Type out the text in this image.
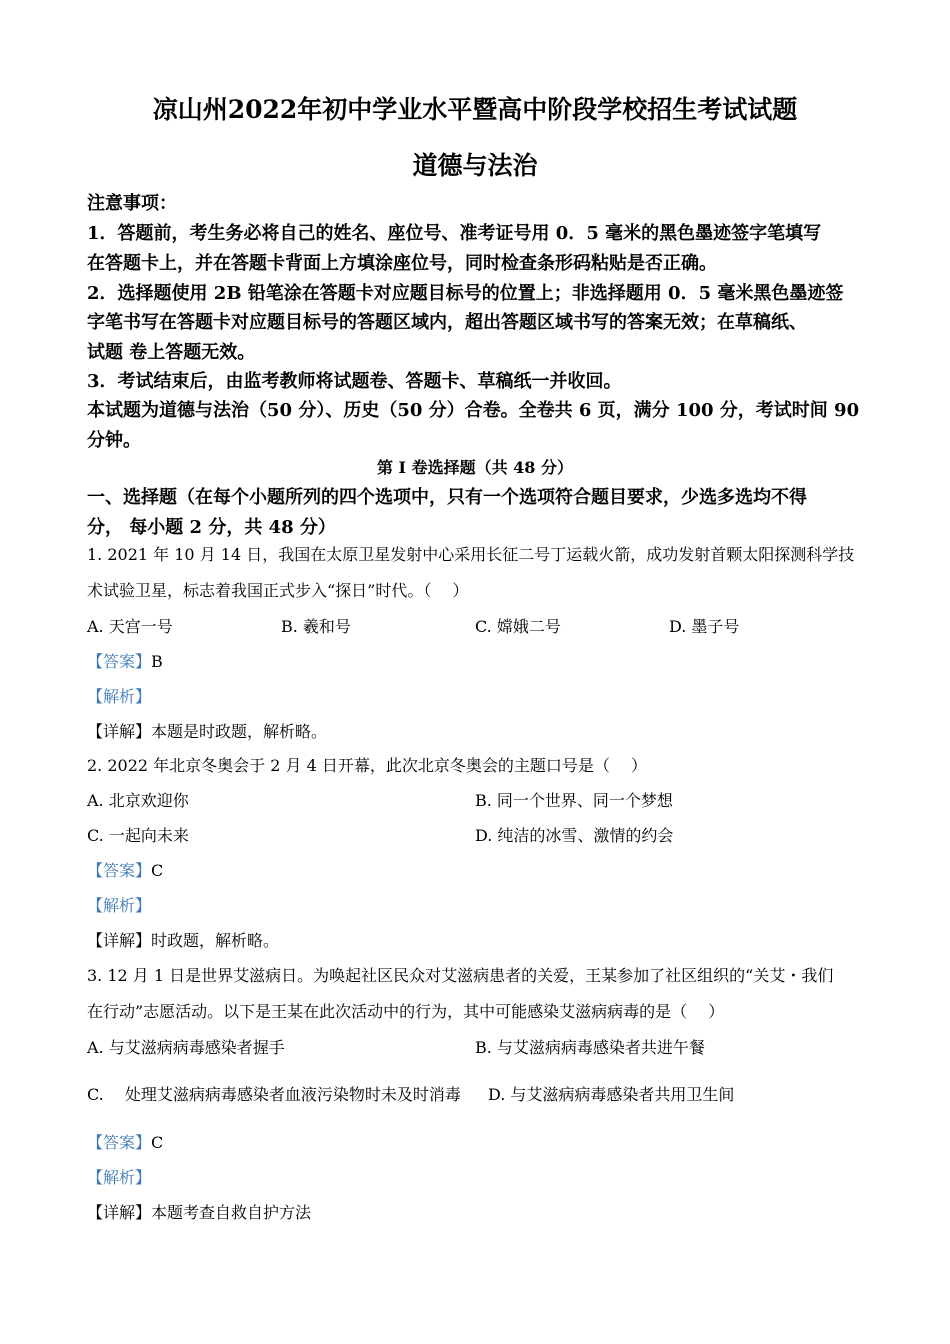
凉山州2022年初中学业水平暨高中阶段学校招生考试试题
道德与法治
注意事项：
1．答题前，考生务必将自己的姓名、座位号、准考证号用 0．5 毫米的黑色墨迹签字笔填写
在答题卡上，并在答题卡背面上方填涂座位号，同时检查条形码粘贴是否正确。
2．选择题使用 2B 铅笔涂在答题卡对应题目标号的位置上；非选择题用 0．5 毫米黑色墨迹签
字笔书写在答题卡对应题目标号的答题区域内，超出答题区域书写的答案无效；在草稿纸、
试题 卷上答题无效。
3．考试结束后，由监考教师将试题卷、答题卡、草稿纸一并收回。
本试题为道德与法治（50 分）、历史（50 分）合卷。全卷共 6 页，满分 100 分，考试时间 90
分钟。
第 I 卷选择题（共 48 分）
一、选择题（在每个小题所列的四个选项中，只有一个选项符合题目要求，少选多选均不得
分， 每小题 2 分，共 48 分）
1. 2021 年 10 月 14 日，我国在太原卫星发射中心采用长征二号丁运载火箭，成功发射首颗太阳探测科学技
术试验卫星，标志着我国正式步入“探日”时代。（　 ）
A. 天宫一号	B. 羲和号	C. 嫦娥二号	D. 墨子号
【答案】B
【解析】
【详解】本题是时政题，解析略。
2. 2022 年北京冬奥会于 2 月 4 日开幕，此次北京冬奥会的主题口号是（　 ）
A. 北京欢迎你	B. 同一个世界、同一个梦想
C. 一起向未来	D. 纯洁的冰雪、激情的约会
【答案】C
【解析】
【详解】时政题，解析略。
3. 12 月 1 日是世界艾滋病日。为唤起社区民众对艾滋病患者的关爱，王某参加了社区组织的“关艾・我们
在行动”志愿活动。以下是王某在此次活动中的行为，其中可能感染艾滋病病毒的是（　 ）
A. 与艾滋病病毒感染者握手	B. 与艾滋病病毒感染者共进午餐
C.　 处理艾滋病病毒感染者血液污染物时未及时消毒 D. 与艾滋病病毒感染者共用卫生间
【答案】C
【解析】
【详解】本题考查自救自护方法
